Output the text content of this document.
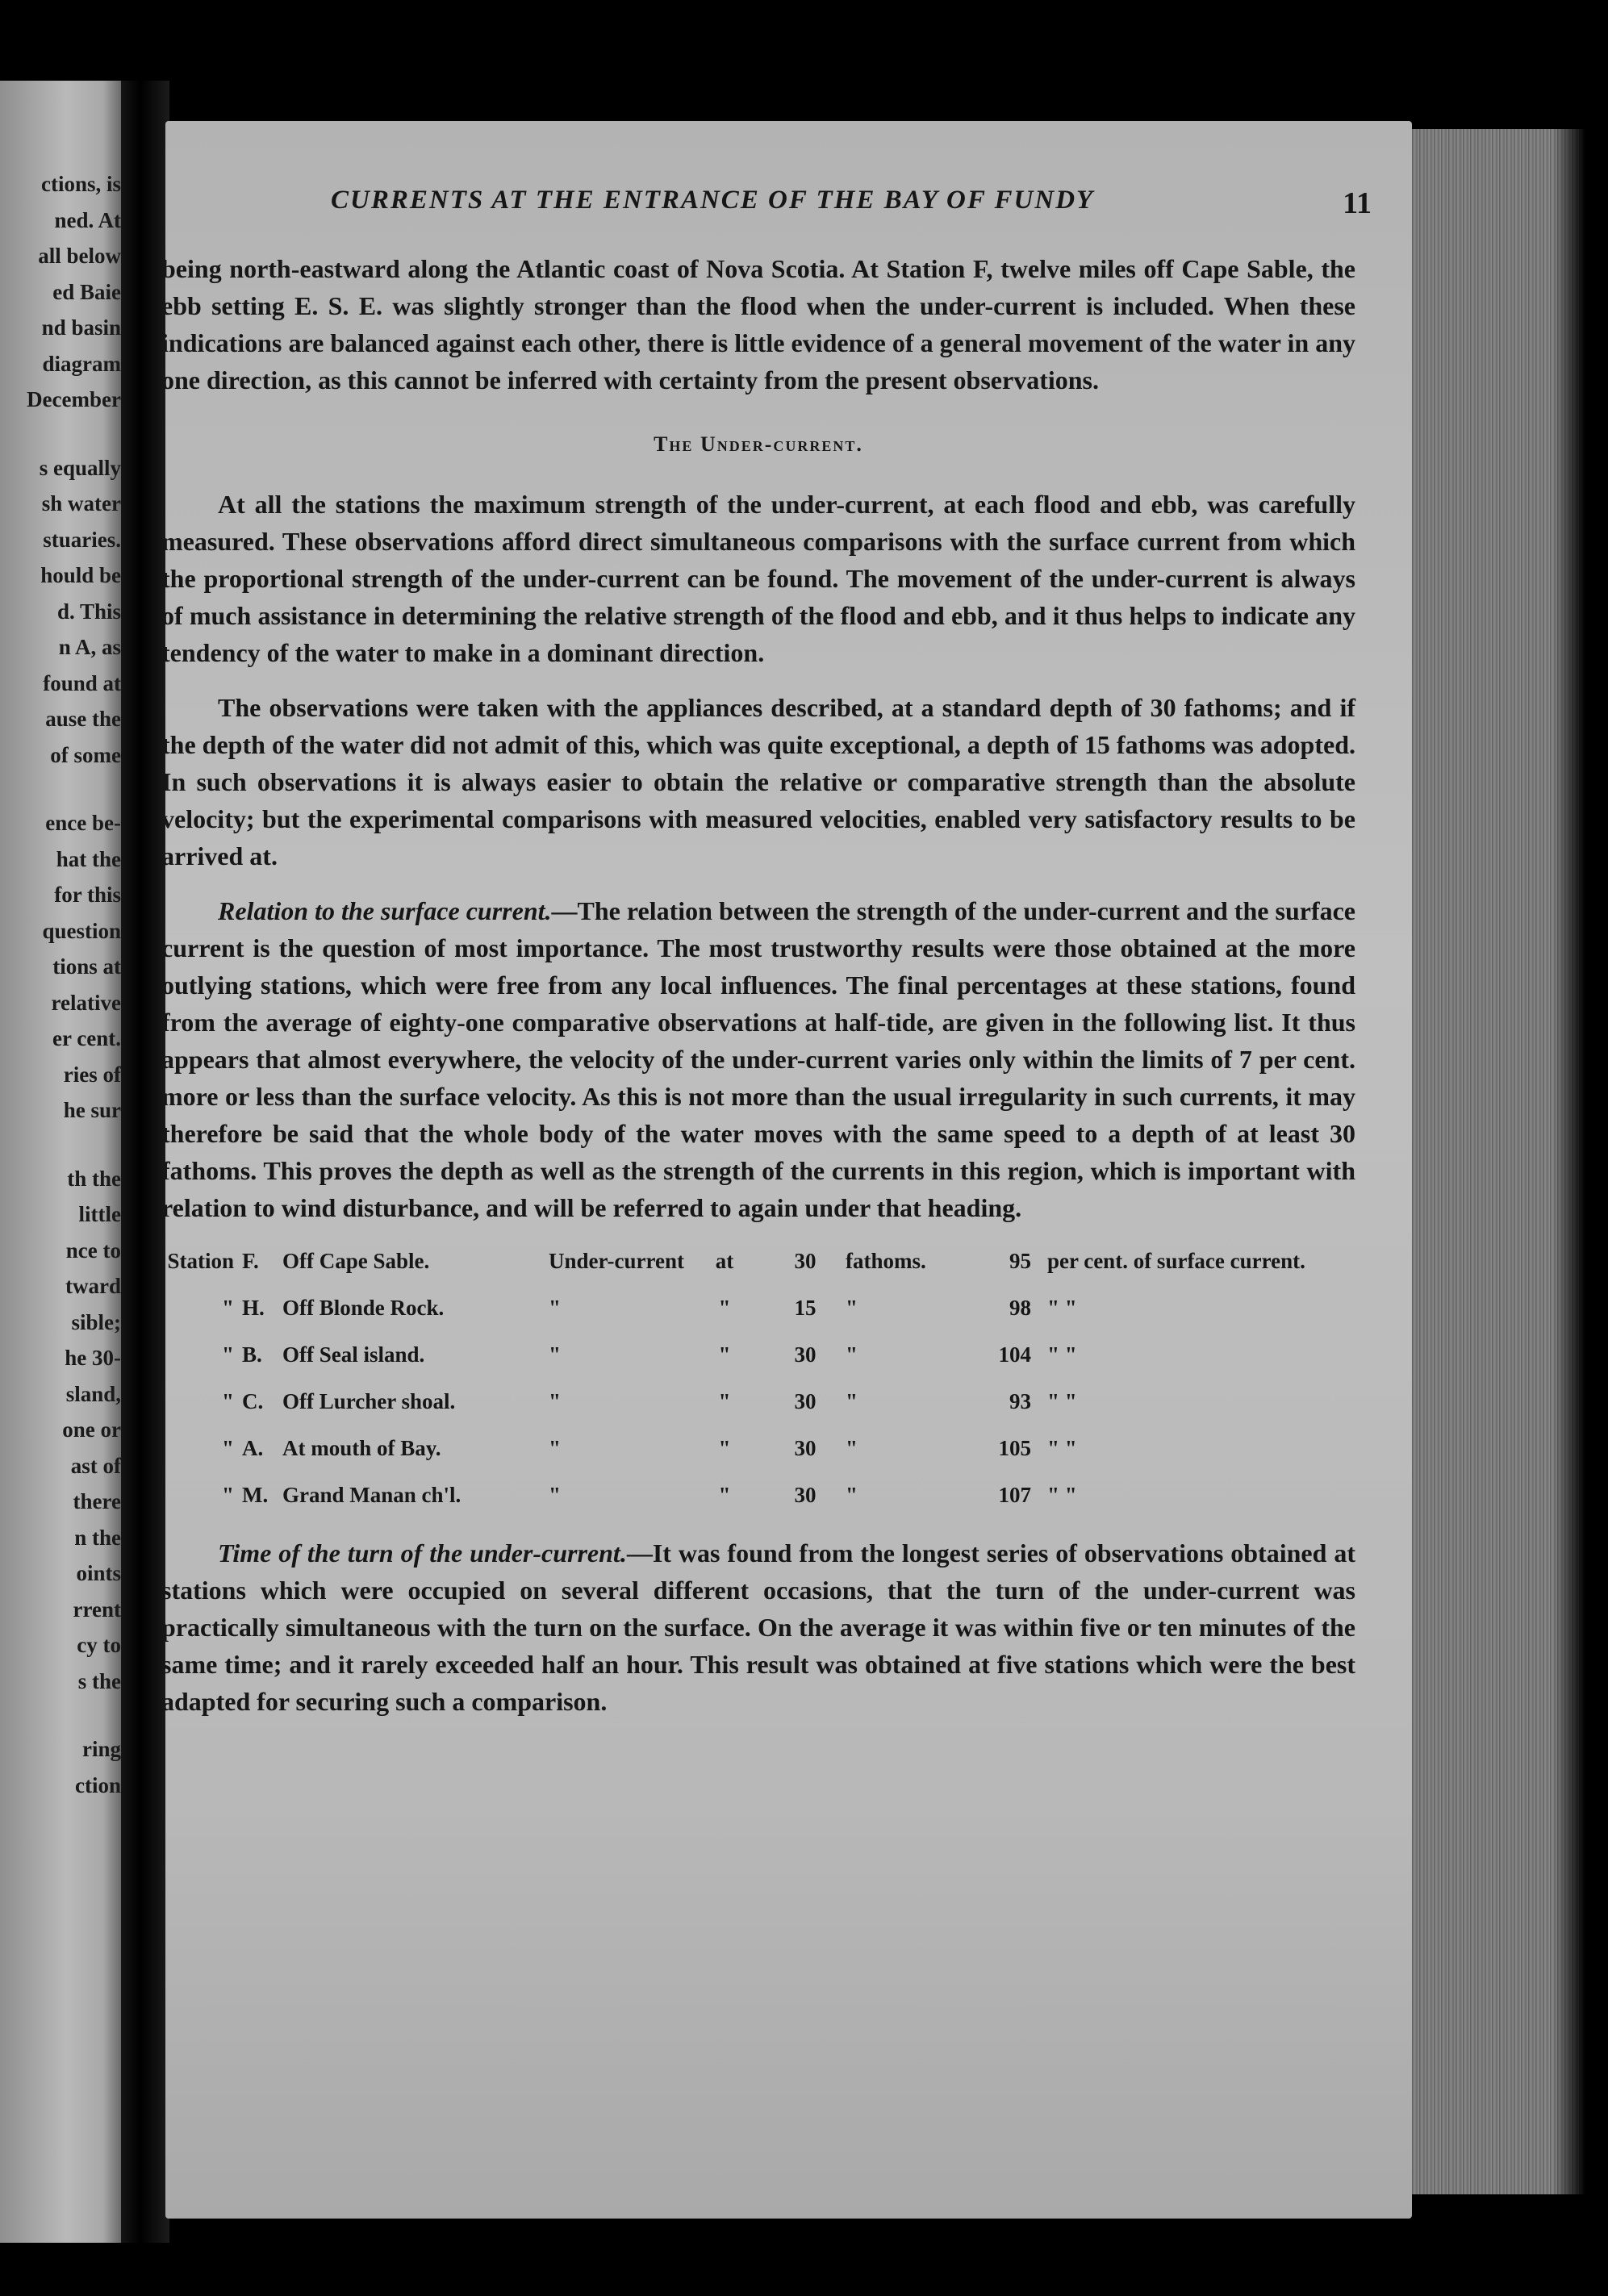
ctions, is
ned. At
all below
ed Baie
nd basin
diagram
December
s equally
sh water
stuaries.
hould be
d. This
n A, as
found at
ause the
of some
ence be-
hat the
for this
question
tions at
relative
er cent.
ries of
he sur
th the
little
nce to
tward
sible;
he 30-
sland,
one or
ast of
there
n the
oints
rrent
cy to
s the
ring
ction
CURRENTS AT THE ENTRANCE OF THE BAY OF FUNDY	11

being north-eastward along the Atlantic coast of Nova Scotia. At Station F, twelve miles off Cape Sable, the ebb setting E. S. E. was slightly stronger than the flood when the under-current is included. When these indications are balanced against each other, there is little evidence of a general movement of the water in any one direction, as this cannot be inferred with certainty from the present observations.

The Under-current.

At all the stations the maximum strength of the under-current, at each flood and ebb, was carefully measured. These observations afford direct simultaneous comparisons with the surface current from which the proportional strength of the under-current can be found. The movement of the under-current is always of much assistance in determining the relative strength of the flood and ebb, and it thus helps to indicate any tendency of the water to make in a dominant direction.

The observations were taken with the appliances described, at a standard depth of 30 fathoms; and if the depth of the water did not admit of this, which was quite exceptional, a depth of 15 fathoms was adopted. In such observations it is always easier to obtain the relative or comparative strength than the absolute velocity; but the experimental comparisons with measured velocities, enabled very satisfactory results to be arrived at.

Relation to the surface current.—The relation between the strength of the under-current and the surface current is the question of most importance. The most trustworthy results were those obtained at the more outlying stations, which were free from any local influences. The final percentages at these stations, found from the average of eighty-one comparative observations at half-tide, are given in the following list. It thus appears that almost everywhere, the velocity of the under-current varies only within the limits of 7 per cent. more or less than the surface velocity. As this is not more than the usual irregularity in such currents, it may therefore be said that the whole body of the water moves with the same speed to a depth of at least 30 fathoms. This proves the depth as well as the strength of the currents in this region, which is important with relation to wind disturbance, and will be referred to again under that heading.

Station	F.	Off Cape Sable.	Under-current	at	30	fathoms.	95	per cent. of surface current.
"	H.	Off Blonde Rock.	"	"	15	"	98	" "
"	B.	Off Seal island.	"	"	30	"	104	" "
"	C.	Off Lurcher shoal.	"	"	30	"	93	" "
"	A.	At mouth of Bay.	"	"	30	"	105	" "
"	M.	Grand Manan ch'l.	"	"	30	"	107	" "

Time of the turn of the under-current.—It was found from the longest series of observations obtained at stations which were occupied on several different occasions, that the turn of the under-current was practically simultaneous with the turn on the surface. On the average it was within five or ten minutes of the same time; and it rarely exceeded half an hour. This result was obtained at five stations which were the best adapted for securing such a comparison.
